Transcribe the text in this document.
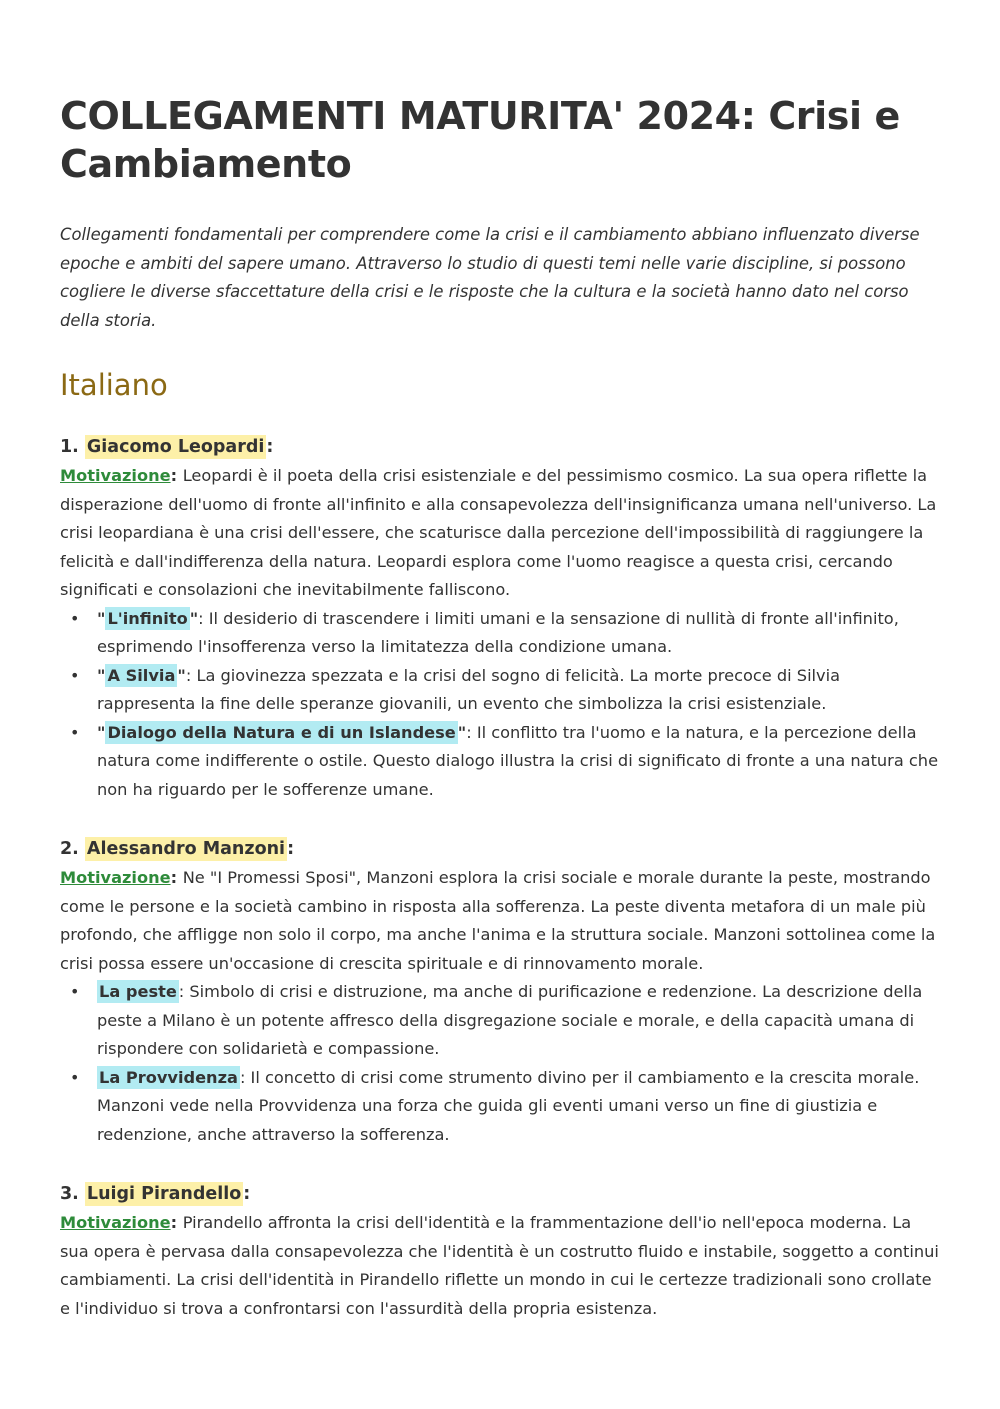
COLLEGAMENTI MATURITA' 2024: Crisi e Cambiamento

Collegamenti fondamentali per comprendere come la crisi e il cambiamento abbiano influenzato diverse epoche e ambiti del sapere umano. Attraverso lo studio di questi temi nelle varie discipline, si possono cogliere le diverse sfaccettature della crisi e le risposte che la cultura e la società hanno dato nel corso della storia.

Italiano

1. Giacomo Leopardi :

Motivazione: Leopardi è il poeta della crisi esistenziale e del pessimismo cosmico. La sua opera riflette la disperazione dell'uomo di fronte all'infinito e alla consapevolezza dell'insignificanza umana nell'universo. La crisi leopardiana è una crisi dell'essere, che scaturisce dalla percezione dell'impossibilità di raggiungere la felicità e dall'indifferenza della natura. Leopardi esplora come l'uomo reagisce a questa crisi, cercando significati e consolazioni che inevitabilmente falliscono.

• " L'infinito ": Il desiderio di trascendere i limiti umani e la sensazione di nullità di fronte all'infinito, esprimendo l'insofferenza verso la limitatezza della condizione umana.
• " A Silvia ": La giovinezza spezzata e la crisi del sogno di felicità. La morte precoce di Silvia rappresenta la fine delle speranze giovanili, un evento che simbolizza la crisi esistenziale.
• " Dialogo della Natura e di un Islandese ": Il conflitto tra l'uomo e la natura, e la percezione della natura come indifferente o ostile. Questo dialogo illustra la crisi di significato di fronte a una natura che non ha riguardo per le sofferenze umane.

2. Alessandro Manzoni :

Motivazione: Ne "I Promessi Sposi", Manzoni esplora la crisi sociale e morale durante la peste, mostrando come le persone e la società cambino in risposta alla sofferenza. La peste diventa metafora di un male più profondo, che affligge non solo il corpo, ma anche l'anima e la struttura sociale. Manzoni sottolinea come la crisi possa essere un'occasione di crescita spirituale e di rinnovamento morale.

• La peste : Simbolo di crisi e distruzione, ma anche di purificazione e redenzione. La descrizione della peste a Milano è un potente affresco della disgregazione sociale e morale, e della capacità umana di rispondere con solidarietà e compassione.
• La Provvidenza : Il concetto di crisi come strumento divino per il cambiamento e la crescita morale. Manzoni vede nella Provvidenza una forza che guida gli eventi umani verso un fine di giustizia e redenzione, anche attraverso la sofferenza.

3. Luigi Pirandello :

Motivazione: Pirandello affronta la crisi dell'identità e la frammentazione dell'io nell'epoca moderna. La sua opera è pervasa dalla consapevolezza che l'identità è un costrutto fluido e instabile, soggetto a continui cambiamenti. La crisi dell'identità in Pirandello riflette un mondo in cui le certezze tradizionali sono crollate e l'individuo si trova a confrontarsi con l'assurdità della propria esistenza.
